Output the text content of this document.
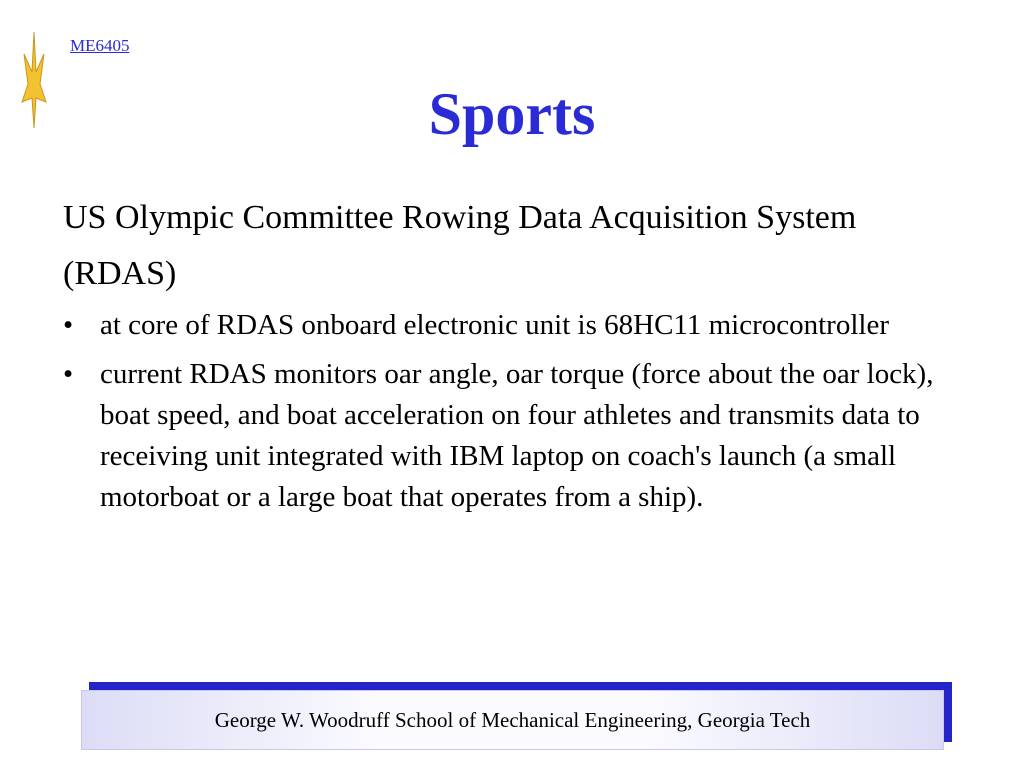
ME6405
Sports
US Olympic Committee Rowing Data Acquisition System (RDAS)
• at core of RDAS onboard electronic unit is 68HC11 microcontroller
• current RDAS monitors oar angle, oar torque (force about the oar lock), boat speed, and boat acceleration on four athletes and transmits data to receiving unit integrated with IBM laptop on coach's launch (a small motorboat or a large boat that operates from a ship).
George W. Woodruff School of Mechanical Engineering, Georgia Tech
